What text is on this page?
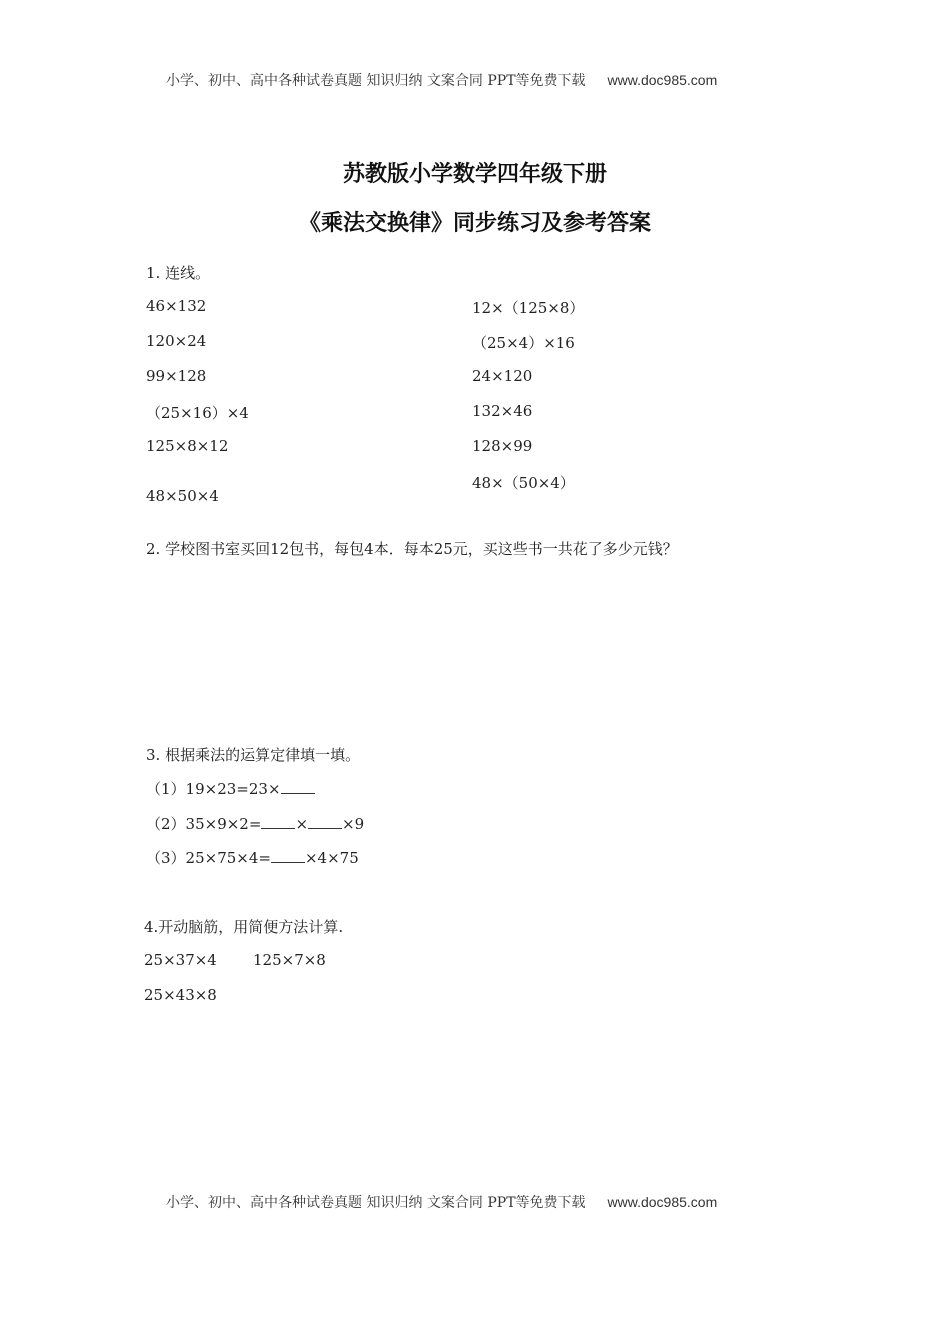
小学、初中、高中各种试卷真题 知识归纳 文案合同 PPT等免费下载 www.doc985.com
苏教版小学数学四年级下册
《乘法交换律》同步练习及参考答案
1. 连线。
46×132
120×24
99×128
（25×16）×4
125×8×12
48×50×4
12×（125×8）
（25×4）×16
24×120
132×46
128×99
48×（50×4）
2. 学校图书室买回12包书，每包4本．每本25元，买这些书一共花了多少元钱？
3. 根据乘法的运算定律填一填。
（1）19×23=23×
（2）35×9×2= × ×9
（3）25×75×4= ×4×75
4.开动脑筋，用简便方法计算.
25×37×4 125×7×8
25×43×8
小学、初中、高中各种试卷真题 知识归纳 文案合同 PPT等免费下载 www.doc985.com
